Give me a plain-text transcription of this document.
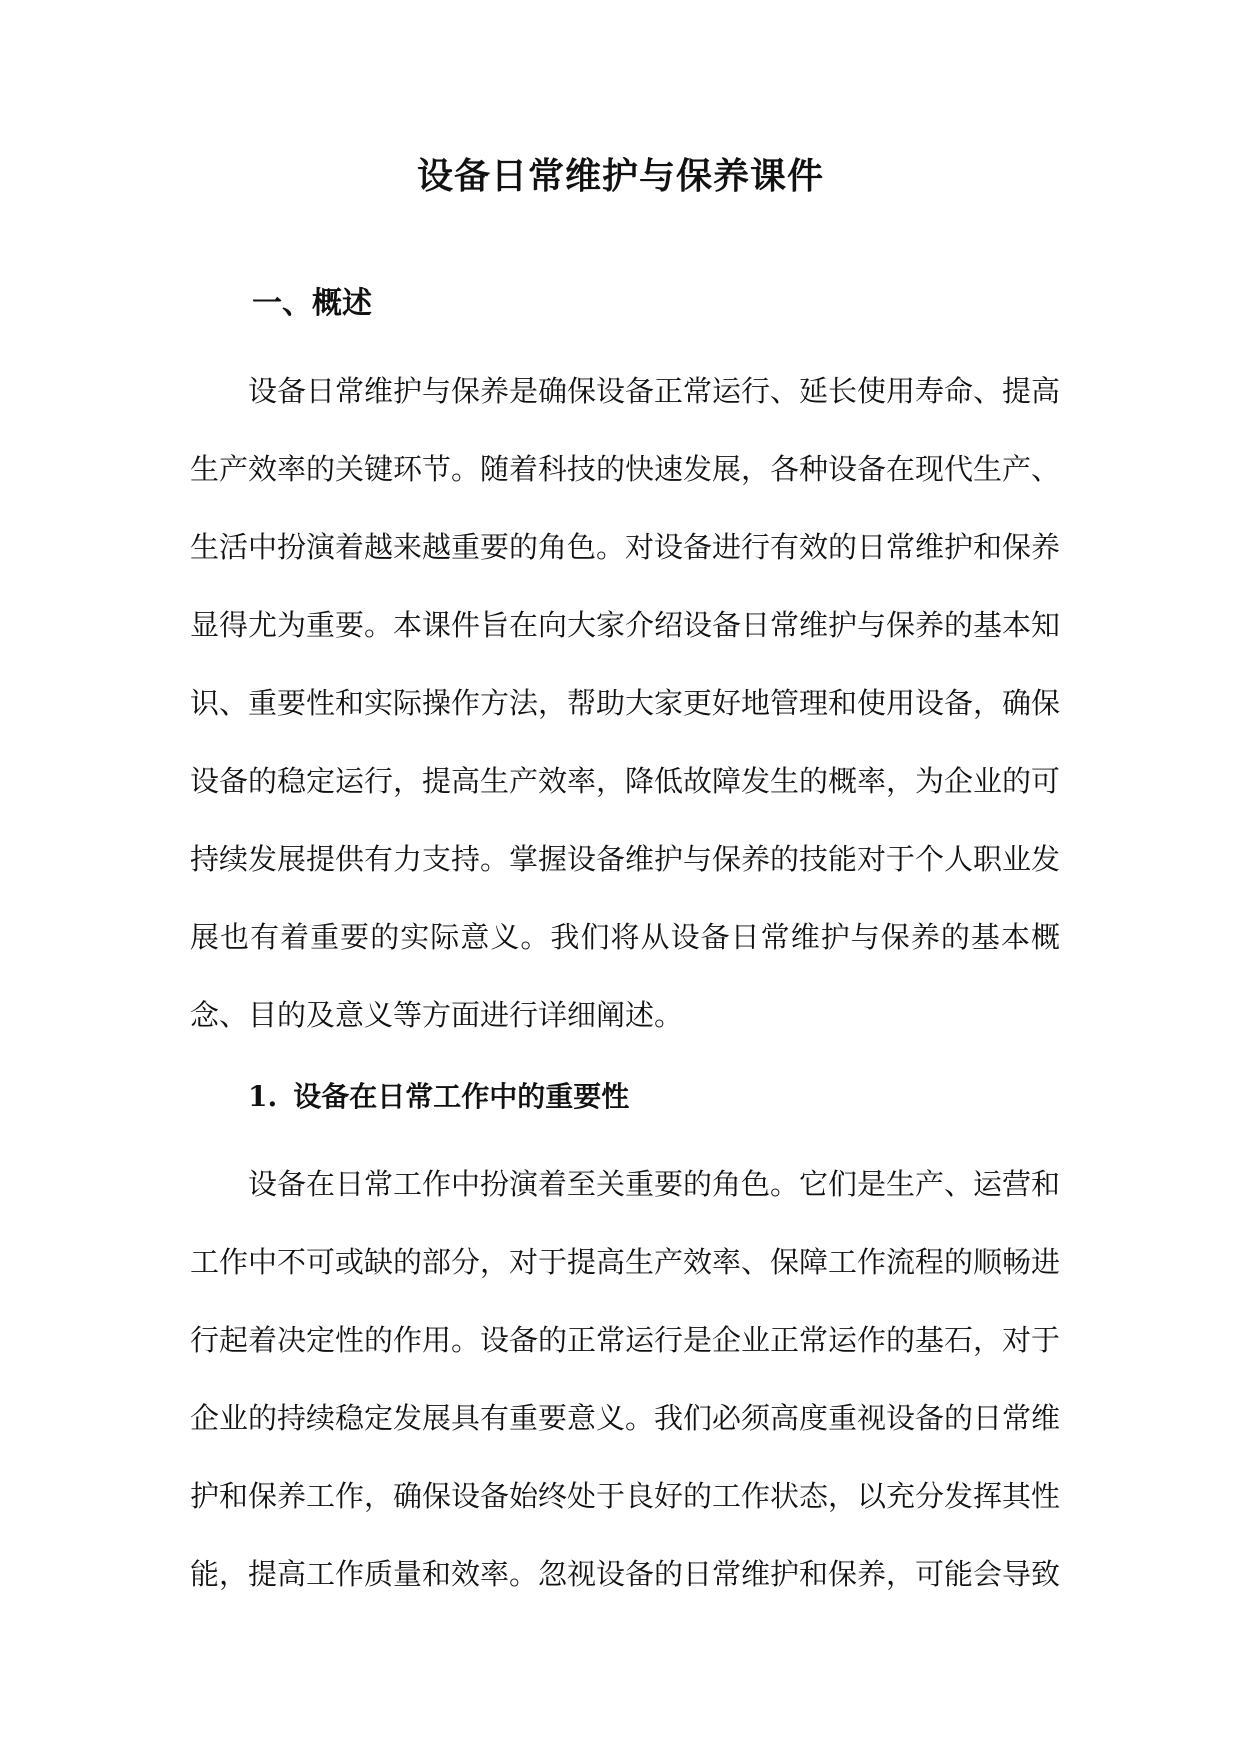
设备日常维护与保养课件
一、概述

设备日常维护与保养是确保设备正常运行、延长使用寿命、提高生产效率的关键环节。随着科技的快速发展，各种设备在现代生产、生活中扮演着越来越重要的角色。对设备进行有效的日常维护和保养显得尤为重要。本课件旨在向大家介绍设备日常维护与保养的基本知识、重要性和实际操作方法，帮助大家更好地管理和使用设备，确保设备的稳定运行，提高生产效率，降低故障发生的概率，为企业的可持续发展提供有力支持。掌握设备维护与保养的技能对于个人职业发展也有着重要的实际意义。我们将从设备日常维护与保养的基本概念、目的及意义等方面进行详细阐述。

1. 设备在日常工作中的重要性

设备在日常工作中扮演着至关重要的角色。它们是生产、运营和工作中不可或缺的部分，对于提高生产效率、保障工作流程的顺畅进行起着决定性的作用。设备的正常运行是企业正常运作的基石，对于企业的持续稳定发展具有重要意义。我们必须高度重视设备的日常维护和保养工作，确保设备始终处于良好的工作状态，以充分发挥其性能，提高工作质量和效率。忽视设备的日常维护和保养，可能会导致
